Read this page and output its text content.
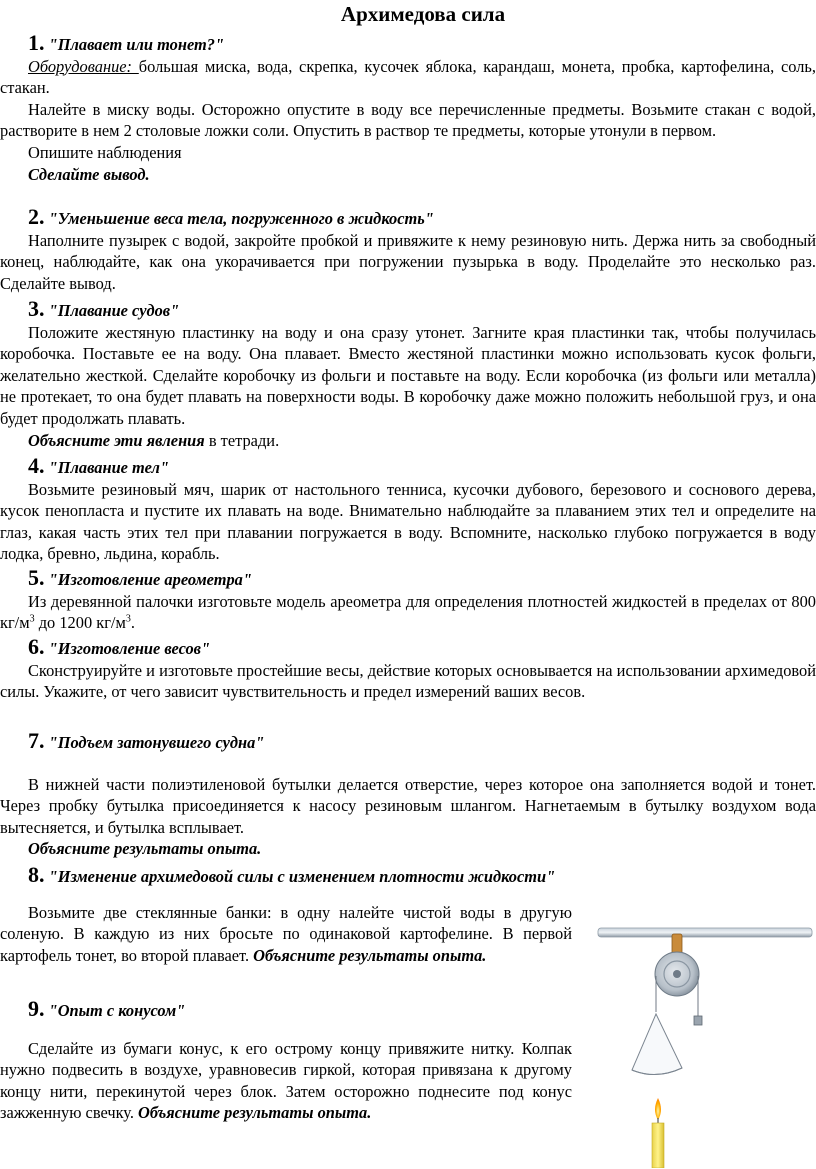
Архимедова сила
1. "Плавает или тонет?"

Оборудование: большая миска, вода, скрепка, кусочек яблока, карандаш, монета, пробка, картофелина, соль, стакан.

Налейте в миску воды. Осторожно опустите в воду все перечисленные предметы. Возьмите стакан с водой, растворите в нем 2 столовые ложки соли. Опустить в раствор те предметы, которые утонули в первом.

Опишите наблюдения

Сделайте вывод.

2. "Уменьшение веса тела, погруженного в жидкость"

Наполните пузырек с водой, закройте пробкой и привяжите к нему резиновую нить. Держа нить за свободный конец, наблюдайте, как она укорачивается при погружении пузырька в воду. Проделайте это несколько раз. Сделайте вывод.

3. "Плавание судов"

Положите жестяную пластинку на воду и она сразу утонет. Загните края пластинки так, чтобы получилась коробочка. Поставьте ее на воду. Она плавает. Вместо жестяной пластинки можно использовать кусок фольги, желательно жесткой. Сделайте коробочку из фольги и поставьте на воду. Если коробочка (из фольги или металла) не протекает, то она будет плавать на поверхности воды. В коробочку даже можно положить небольшой груз, и она будет продолжать плавать.

Объясните эти явления в тетради.

4. "Плавание тел"

Возьмите резиновый мяч, шарик от настольного тенниса, кусочки дубового, березового и соснового дерева, кусок пенопласта и пустите их плавать на воде. Внимательно наблюдайте за плаванием этих тел и определите на глаз, какая часть этих тел при плавании погружается в воду. Вспомните, насколько глубоко погружается в воду лодка, бревно, льдина, корабль.

5. "Изготовление ареометра"

Из деревянной палочки изготовьте модель ареометра для определения плотностей жидкостей в пределах от 800 $кг/м^3$ до 1200 $кг/м^3$.

6. "Изготовление весов"

Сконструируйте и изготовьте простейшие весы, действие которых основывается на использовании архимедовой силы. Укажите, от чего зависит чувствительность и предел измерений ваших весов.

7. "Подъем затонувшего судна"

В нижней части полиэтиленовой бутылки делается отверстие, через которое она заполняется водой и тонет. Через пробку бутылка присоединяется к насосу резиновым шлангом. Нагнетаемым в бутылку воздухом вода вытесняется, и бутылка всплывает.

Объясните результаты опыта.

8. "Изменение архимедовой силы с изменением плотности жидкости"

Возьмите две стеклянные банки: в одну налейте чистой воды в другую соленую. В каждую из них бросьте по одинаковой картофелине. В первой картофель тонет, во второй плавает. Объясните результаты опыта.

9. "Опыт с конусом"

Сделайте из бумаги конус, к его острому концу привяжите нитку. Колпак нужно подвесить в воздухе, уравновесив гиркой, которая привязана к другому концу нити, перекинутой через блок. Затем осторожно поднесите под конус зажженную свечку. Объясните результаты опыта.
